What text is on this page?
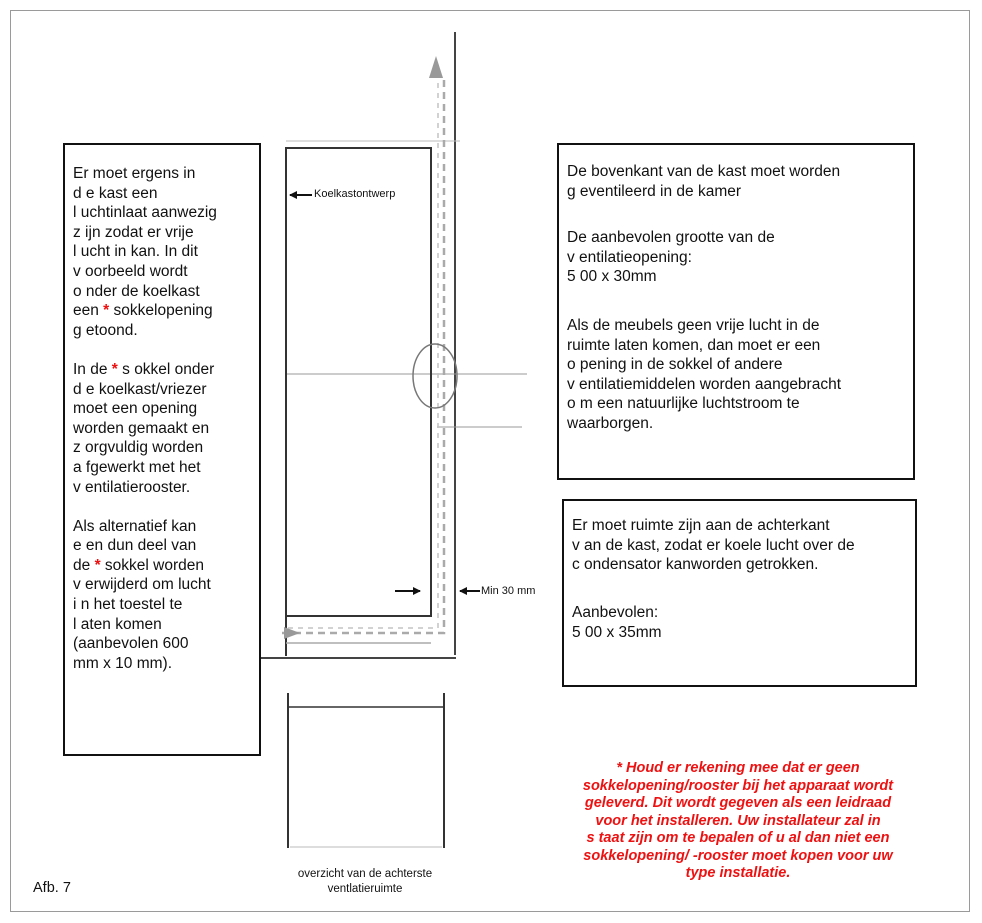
Koelkastontwerp
Min 30 mm
overzicht van de achterste
ventlatieruimte
Er moet ergens in
d e kast een
l uchtinlaat aanwezig
z ijn zodat er vrije
l ucht in kan. In dit
v oorbeeld wordt
o nder de koelkast
een * sokkelopening
g etoond.

In de * s okkel onder
d e koelkast/vriezer
moet een opening
worden gemaakt en
z orgvuldig worden
a fgewerkt met het
v entilatierooster.

Als alternatief kan
e en dun deel van
de * sokkel worden
v erwijderd om lucht
i n het toestel te
l aten komen
(aanbevolen 600
mm x 10 mm).
De bovenkant van de kast moet worden
g eventileerd in de kamer
De aanbevolen grootte van de
v entilatieopening:
5 00 x 30mm
Als de meubels geen vrije lucht in de
ruimte laten komen, dan moet er een
o pening in de sokkel of andere
v entilatiemiddelen worden aangebracht
o m een natuurlijke luchtstroom te
waarborgen.
Er moet ruimte zijn aan de achterkant
v an de kast, zodat er koele lucht over de
c ondensator kanworden getrokken.
Aanbevolen:
5 00 x 35mm
* Houd er rekening mee dat er geen
sokkelopening/rooster bij het apparaat wordt
geleverd. Dit wordt gegeven als een leidraad
voor het installeren. Uw installateur zal in
s taat zijn om te bepalen of u al dan niet een
sokkelopening/ -rooster moet kopen voor uw
type installatie.
Afb. 7
